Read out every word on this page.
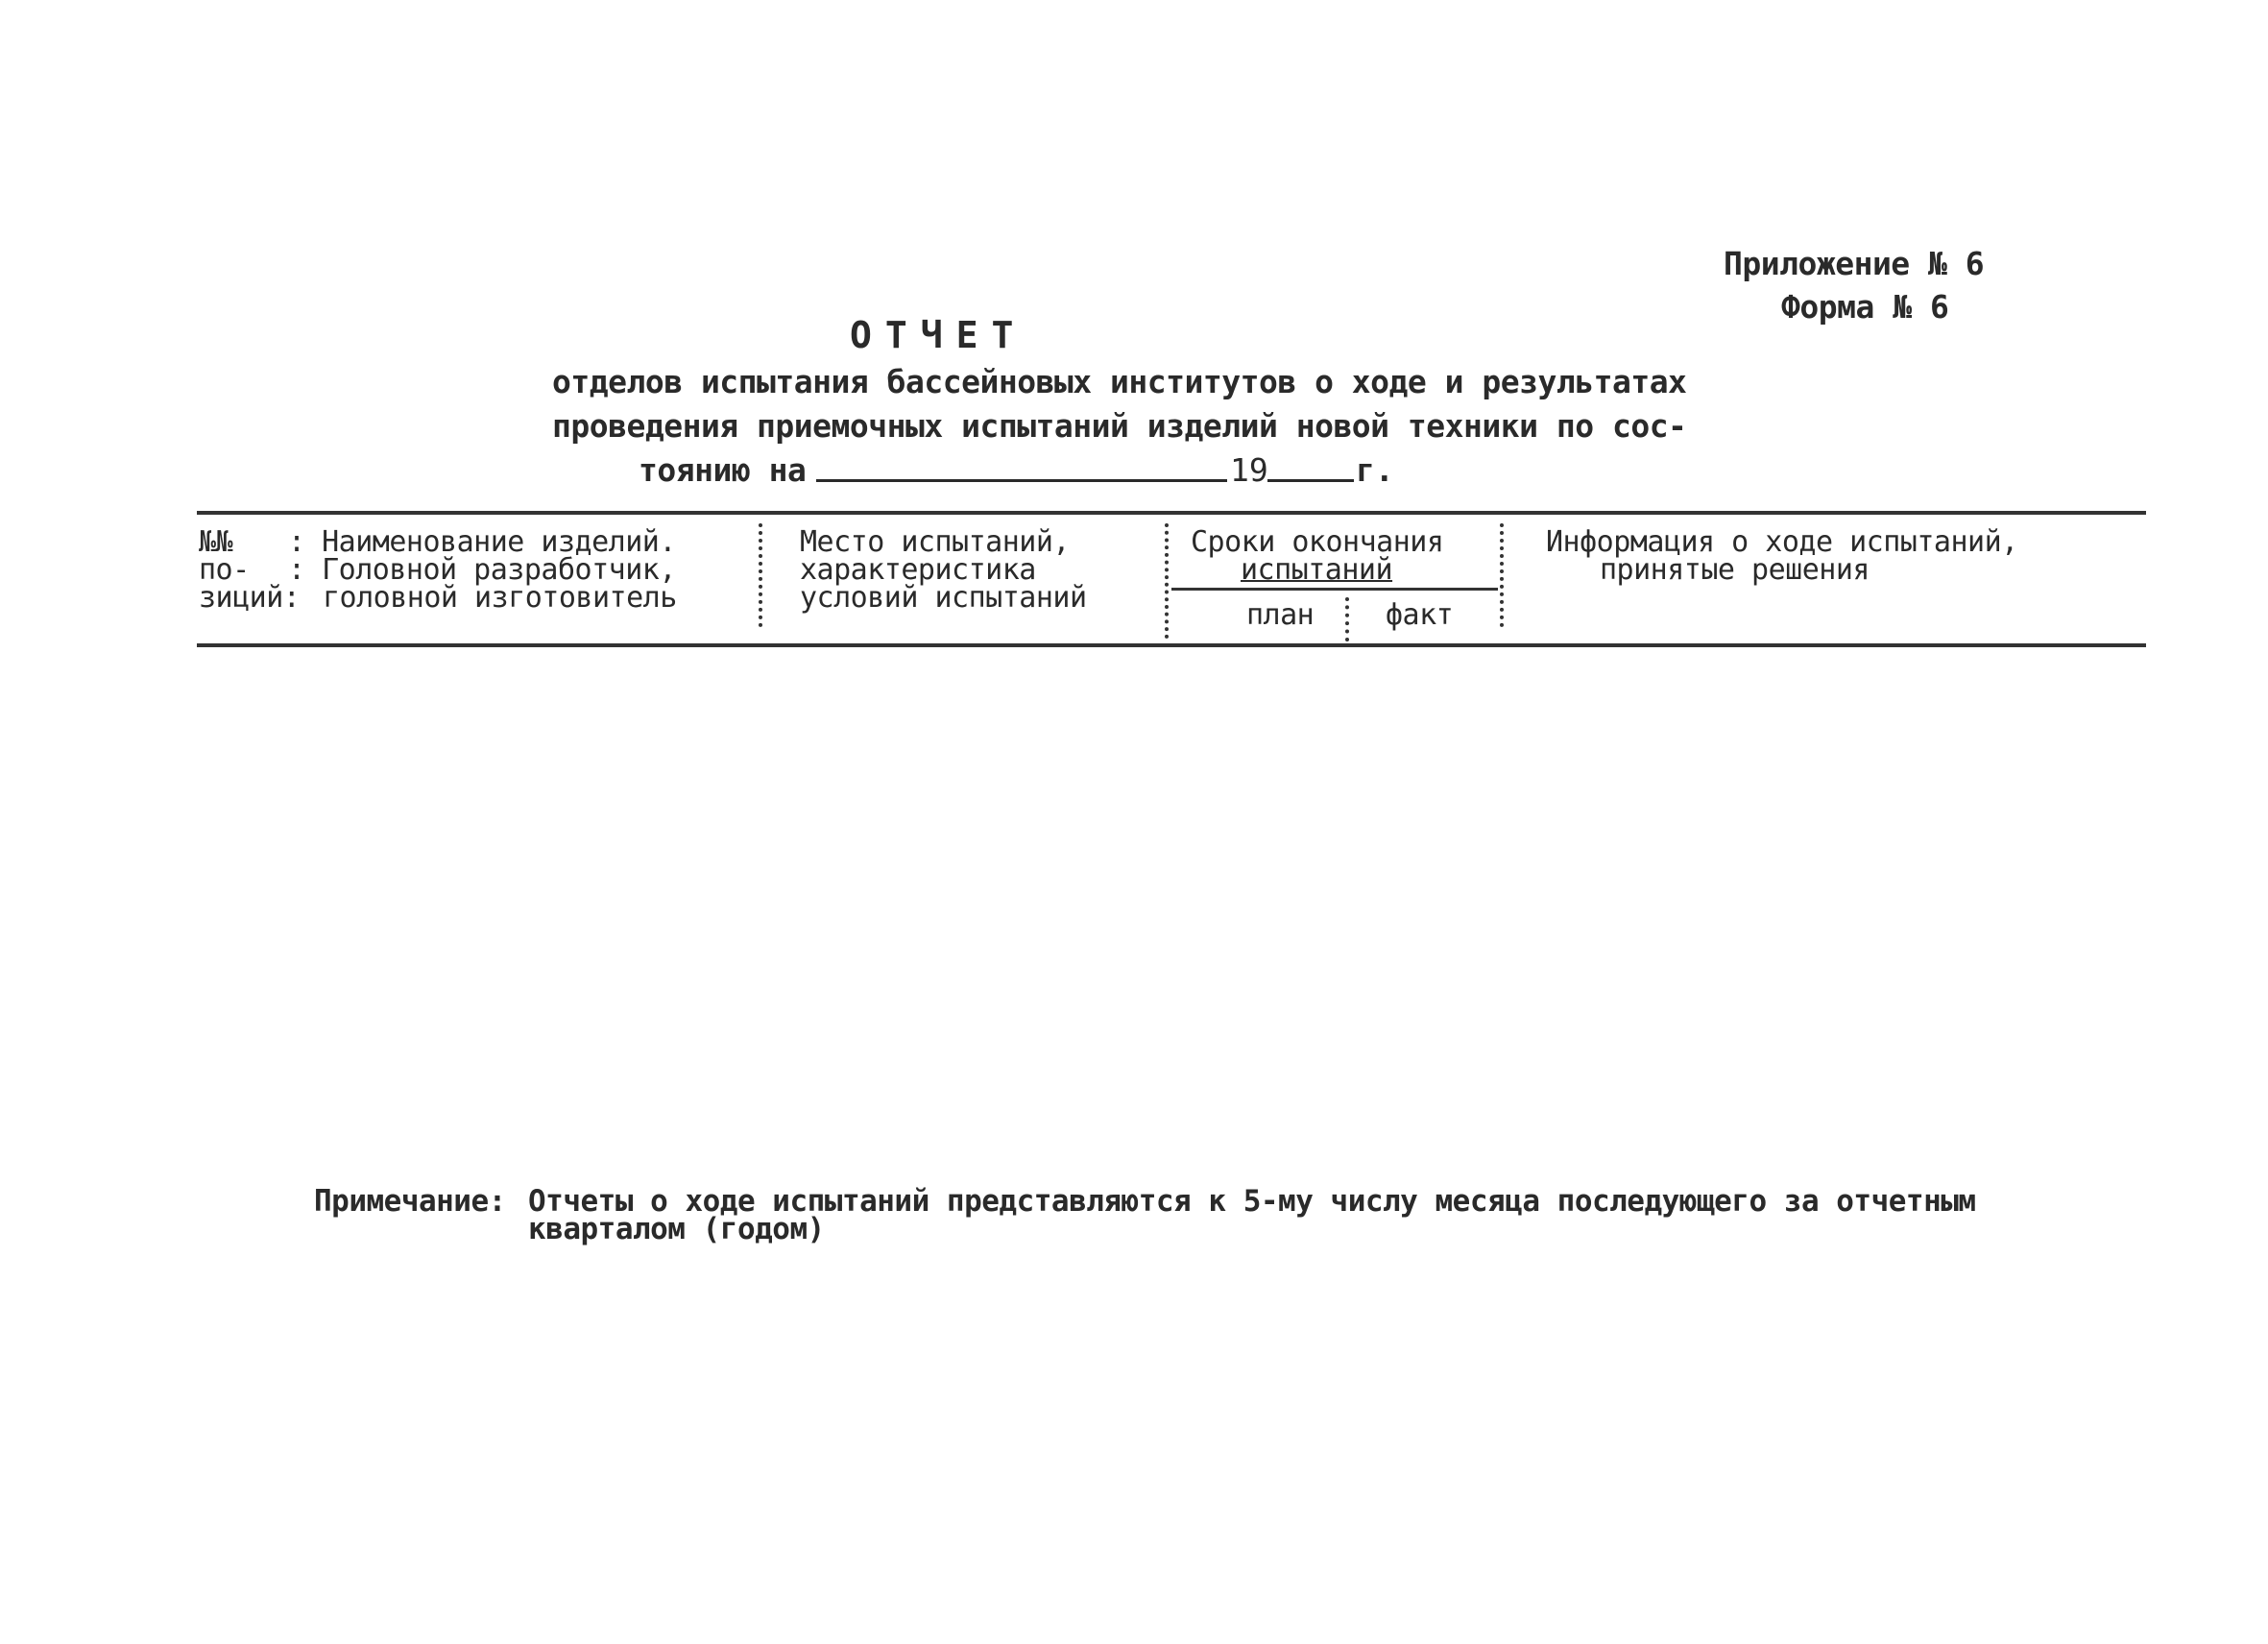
Приложение № 6
Форма № 6
ОТЧЕТ
отделов испытания бассейновых институтов о ходе и результатах
проведения приемочных испытаний изделий новой техники по сос-
тоянию на	19	г.
№№
по-
зиций:
: Наименование изделий.
: Головной разработчик,
головной изготовитель
Место испытаний,
характеристика
условий испытаний
Сроки окончания
испытаний
план факт
Информация о ходе испытаний,
принятые решения
Примечание: Отчеты о ходе испытаний представляются к 5-му числу месяца последующего за отчетным
кварталом (годом)
